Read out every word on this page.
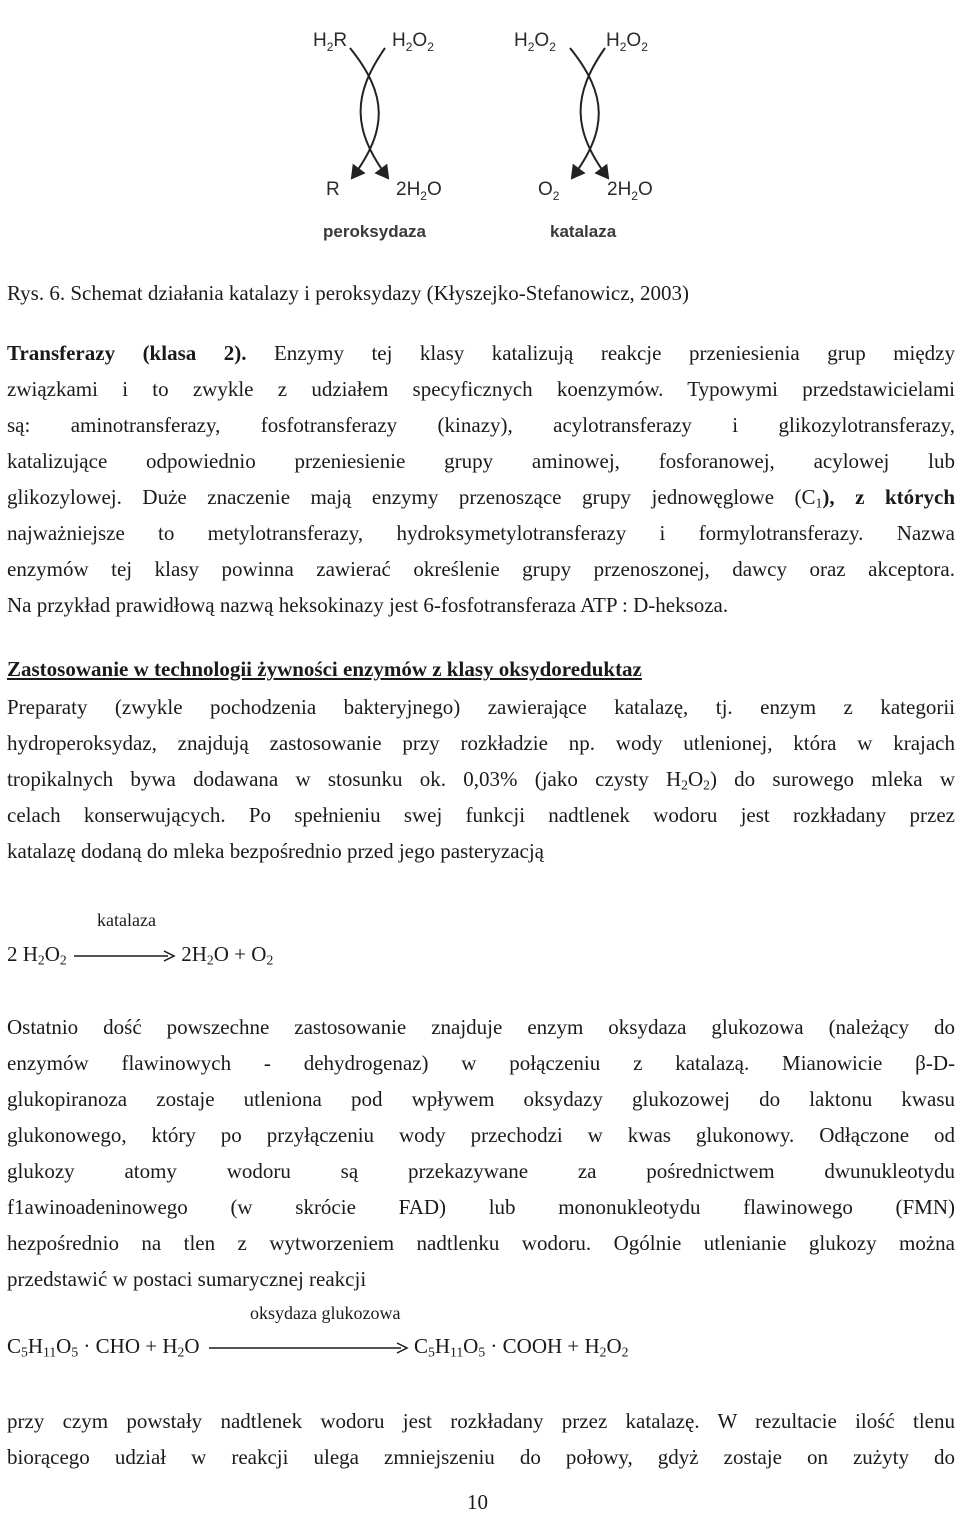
$H_2R$ $H_2O_2$	$H_2O_2$	$H_2O_2$
R	$2H_2O$	$O_2$	$2H_2O$
peroksydaza	katalaza
Rys. 6. Schemat działania katalazy i peroksydazy (Kłyszejko-Stefanowicz, 2003)
Transferazy (klasa 2). Enzymy tej klasy katalizują reakcje przeniesienia grup między
związkami i to zwykle z udziałem specyficznych koenzymów. Typowymi przedstawicielami
są: aminotransferazy, fosfotransferazy (kinazy), acylotransferazy i glikozylotransferazy,
katalizujące odpowiednio przeniesienie grupy aminowej, fosforanowej, acylowej lub
glikozylowej. Duże znaczenie mają enzymy przenoszące grupy jednowęglowe $(C_1)$, z których
najważniejsze to metylotransferazy, hydroksymetylotransferazy i formylotransferazy. Nazwa
enzymów tej klasy powinna zawierać określenie grupy przenoszonej, dawcy oraz akceptora.
Na przykład prawidłową nazwą heksokinazy jest 6-fosfotransferaza ATP : D-heksoza.
Zastosowanie w technologii żywności enzymów z klasy oksydoreduktaz
Preparaty (zwykle pochodzenia bakteryjnego) zawierające katalazę, tj. enzym z kategorii
hydroperoksydaz, znajdują zastosowanie przy rozkładzie np. wody utlenionej, która w krajach
tropikalnych bywa dodawana w stosunku ok. 0,03% (jako czysty $H_2O_2$) do surowego mleka w
celach konserwujących. Po spełnieniu swej funkcji nadtlenek wodoru jest rozkładany przez
katalazę dodaną do mleka bezpośrednio przed jego pasteryzacją
katalaza
2 $H_2O_2$	$2H_2O + O_2$
Ostatnio dość powszechne zastosowanie znajduje enzym oksydaza glukozowa (należący do
enzymów flawinowych - dehydrogenaz) w połączeniu z katalazą. Mianowicie β-D-
glukopiranoza zostaje utleniona pod wpływem oksydazy glukozowej do laktonu kwasu
glukonowego, który po przyłączeniu wody przechodzi w kwas glukonowy. Odłączone od
glukozy atomy wodoru są przekazywane za pośrednictwem dwunukleotydu
f1awinoadeninowego (w skrócie FAD) lub mononukleotydu flawinowego (FMN)
hezpośrednio na tlen z wytworzeniem nadtlenku wodoru. Ogólnie utlenianie glukozy można
przedstawić w postaci sumarycznej reakcji
oksydaza glukozowa
$C_5H_{11}O_5$ · CHO + $H_2O$	$C_5H_{11}O_5$ · COOH + $H_2O_2$
przy czym powstały nadtlenek wodoru jest rozkładany przez katalazę. W rezultacie ilość tlenu
biorącego udział w reakcji ulega zmniejszeniu do połowy, gdyż zostaje on zużyty do
10
